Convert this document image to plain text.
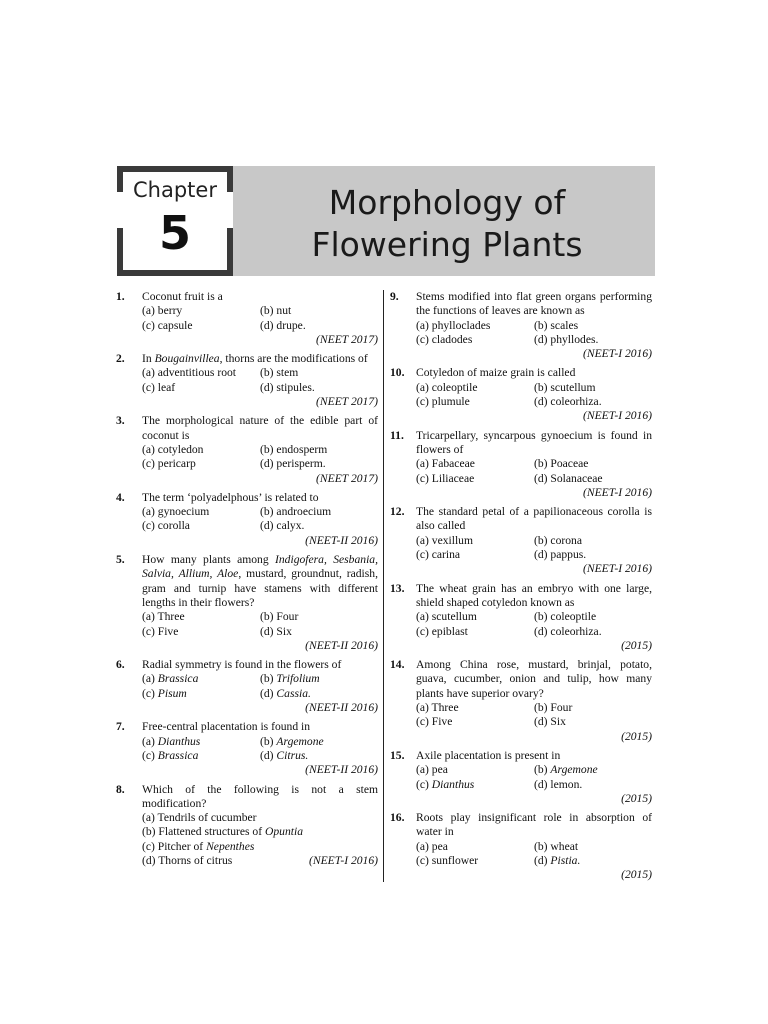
Chapter
5
Morphology of
Flowering Plants
1. Coconut fruit is a
(a) berry	(b) nut
(c) capsule	(d) drupe.
(NEET 2017)
2. In Bougainvillea, thorns are the modifications of
(a) adventitious root	(b) stem
(c) leaf	(d) stipules.
(NEET 2017)
3. The morphological nature of the edible part of coconut is
(a) cotyledon	(b) endosperm
(c) pericarp	(d) perisperm.
(NEET 2017)
4. The term ‘polyadelphous’ is related to
(a) gynoecium	(b) androecium
(c) corolla	(d) calyx.
(NEET-II 2016)
5. How many plants among Indigofera, Sesbania, Salvia, Allium, Aloe, mustard, groundnut, radish, gram and turnip have stamens with different lengths in their flowers?
(a) Three	(b) Four
(c) Five	(d) Six
(NEET-II 2016)
6. Radial symmetry is found in the flowers of
(a) Brassica	(b) Trifolium
(c) Pisum	(d) Cassia.
(NEET-II 2016)
7. Free-central placentation is found in
(a) Dianthus	(b) Argemone
(c) Brassica	(d) Citrus.
(NEET-II 2016)
8. Which of the following is not a stem modification?
(a) Tendrils of cucumber
(b) Flattened structures of Opuntia
(c) Pitcher of Nepenthes
(d) Thorns of citrus	(NEET-I 2016)
9. Stems modified into flat green organs performing the functions of leaves are known as
(a) phylloclades	(b) scales
(c) cladodes	(d) phyllodes.
(NEET-I 2016)
10. Cotyledon of maize grain is called
(a) coleoptile	(b) scutellum
(c) plumule	(d) coleorhiza.
(NEET-I 2016)
11. Tricarpellary, syncarpous gynoecium is found in flowers of
(a) Fabaceae	(b) Poaceae
(c) Liliaceae	(d) Solanaceae
(NEET-I 2016)
12. The standard petal of a papilionaceous corolla is also called
(a) vexillum	(b) corona
(c) carina	(d) pappus.
(NEET-I 2016)
13. The wheat grain has an embryo with one large, shield shaped cotyledon known as
(a) scutellum	(b) coleoptile
(c) epiblast	(d) coleorhiza.
(2015)
14. Among China rose, mustard, brinjal, potato, guava, cucumber, onion and tulip, how many plants have superior ovary?
(a) Three	(b) Four
(c) Five	(d) Six
(2015)
15. Axile placentation is present in
(a) pea	(b) Argemone
(c) Dianthus	(d) lemon.
(2015)
16. Roots play insignificant role in absorption of water in
(a) pea	(b) wheat
(c) sunflower	(d) Pistia.
(2015)
